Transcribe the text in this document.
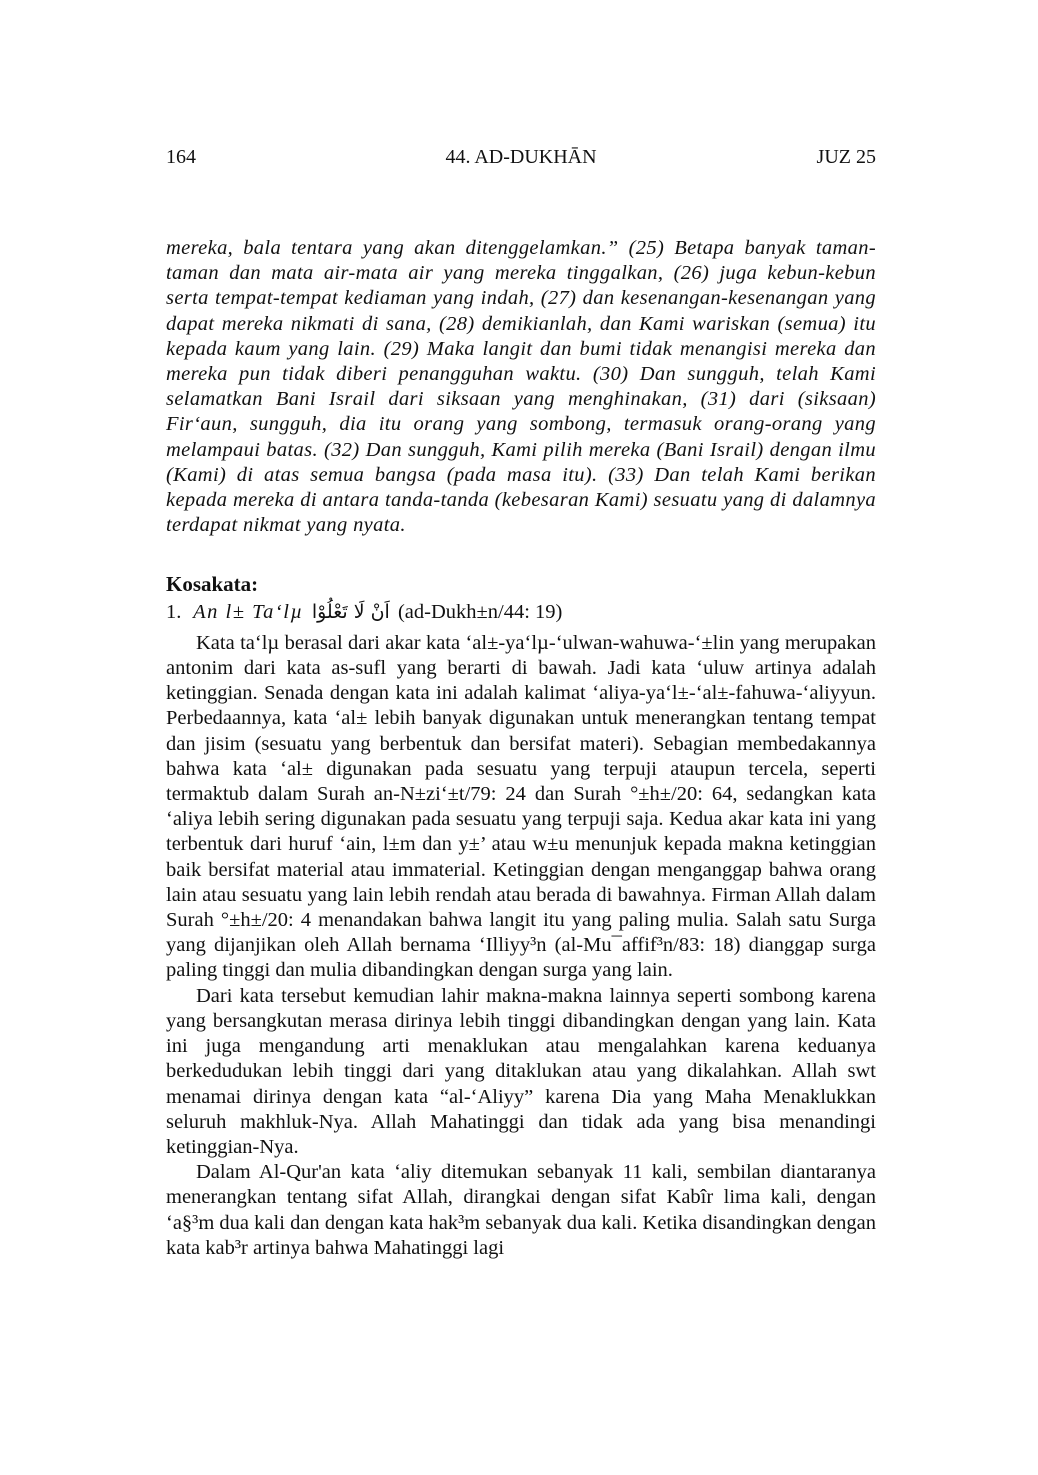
164	44. AD-DUKHĀN	JUZ 25

mereka, bala tentara yang akan ditenggelamkan.” (25) Betapa banyak taman-taman dan mata air-mata air yang mereka tinggalkan, (26) juga kebun-kebun serta tempat-tempat kediaman yang indah, (27) dan kesenangan-kesenangan yang dapat mereka nikmati di sana, (28) demikianlah, dan Kami wariskan (semua) itu kepada kaum yang lain. (29) Maka langit dan bumi tidak menangisi mereka dan mereka pun tidak diberi penangguhan waktu. (30) Dan sungguh, telah Kami selamatkan Bani Israil dari siksaan yang menghinakan, (31) dari (siksaan) Fir‘aun, sungguh, dia itu orang yang sombong, termasuk orang-orang yang melampaui batas. (32) Dan sungguh, Kami pilih mereka (Bani Israil) dengan ilmu (Kami) di atas semua bangsa (pada masa itu). (33) Dan telah Kami berikan kepada mereka di antara tanda-tanda (kebesaran Kami) sesuatu yang di dalamnya terdapat nikmat yang nyata.

Kosakata:
1. An l± Ta‘lµ اَنْ لَا تَعْلُوْا (ad-Dukh±n/44: 19)

Kata ta‘lµ berasal dari akar kata ‘al±-ya‘lµ-‘ulwan-wahuwa-‘±lin yang merupakan antonim dari kata as-sufl yang berarti di bawah. Jadi kata ‘uluw artinya adalah ketinggian. Senada dengan kata ini adalah kalimat ‘aliya-ya‘l±-‘al±-fahuwa-‘aliyyun. Perbedaannya, kata ‘al± lebih banyak digunakan untuk menerangkan tentang tempat dan jisim (sesuatu yang berbentuk dan bersifat materi). Sebagian membedakannya bahwa kata ‘al± digunakan pada sesuatu yang terpuji ataupun tercela, seperti termaktub dalam Surah an-N±zi‘±t/79: 24 dan Surah °±h±/20: 64, sedangkan kata ‘aliya lebih sering digunakan pada sesuatu yang terpuji saja. Kedua akar kata ini yang terbentuk dari huruf ‘ain, l±m dan y±’ atau w±u menunjuk kepada makna ketinggian baik bersifat material atau immaterial. Ketinggian dengan menganggap bahwa orang lain atau sesuatu yang lain lebih rendah atau berada di bawahnya. Firman Allah dalam Surah °±h±/20: 4 menandakan bahwa langit itu yang paling mulia. Salah satu Surga yang dijanjikan oleh Allah bernama ‘Illiyy³n (al-Mu¯affif³n/83: 18) dianggap surga paling tinggi dan mulia dibandingkan dengan surga yang lain.

Dari kata tersebut kemudian lahir makna-makna lainnya seperti sombong karena yang bersangkutan merasa dirinya lebih tinggi dibandingkan dengan yang lain. Kata ini juga mengandung arti menaklukan atau mengalahkan karena keduanya berkedudukan lebih tinggi dari yang ditaklukan atau yang dikalahkan. Allah swt menamai dirinya dengan kata “al-‘Aliyy” karena Dia yang Maha Menaklukkan seluruh makhluk-Nya. Allah Mahatinggi dan tidak ada yang bisa menandingi ketinggian-Nya.

Dalam Al-Qur'an kata ‘aliy ditemukan sebanyak 11 kali, sembilan diantaranya menerangkan tentang sifat Allah, dirangkai dengan sifat Kabîr lima kali, dengan ‘a§³m dua kali dan dengan kata hak³m sebanyak dua kali. Ketika disandingkan dengan kata kab³r artinya bahwa Mahatinggi lagi
